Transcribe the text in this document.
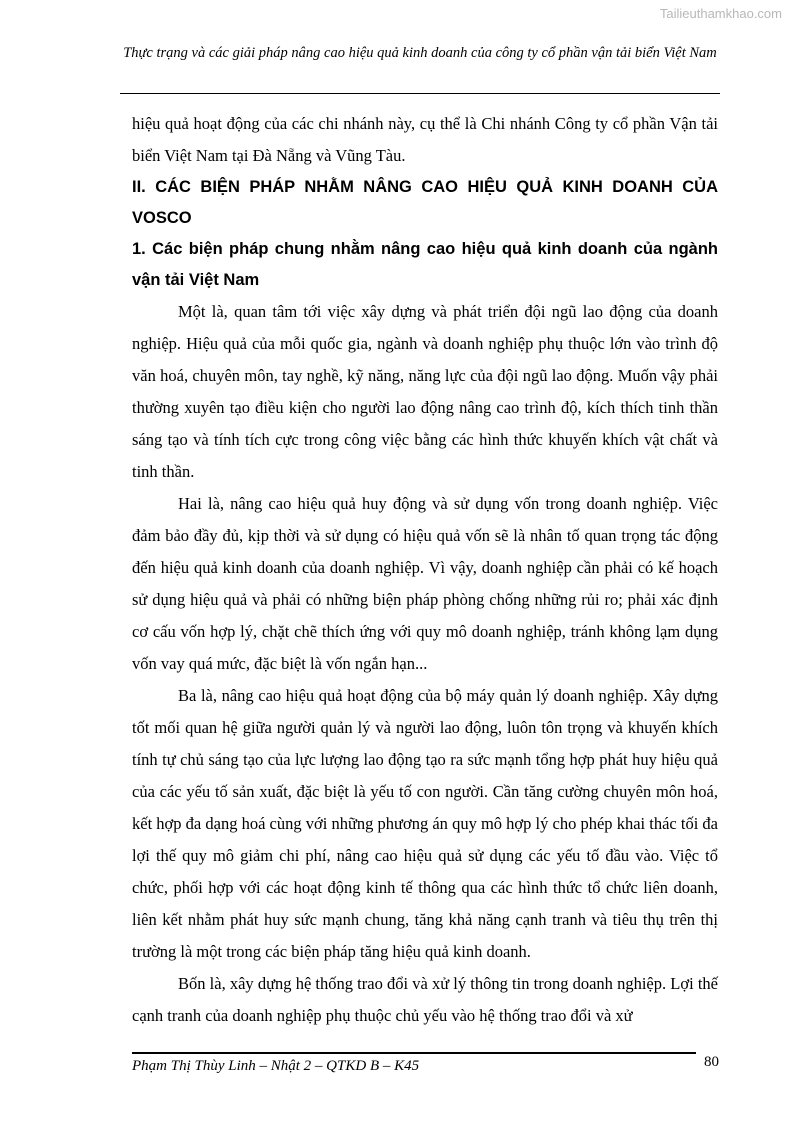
Tailieuthamkhao.com
Thực trạng và các giải pháp nâng cao hiệu quả kinh doanh của công ty cổ phần vận tải biển Việt Nam

hiệu quả hoạt động của các chi nhánh này, cụ thể là Chi nhánh Công ty cổ phần Vận tải biển Việt Nam tại Đà Nẵng và Vũng Tàu.

II. CÁC BIỆN PHÁP NHẰM NÂNG CAO HIỆU QUẢ KINH DOANH CỦA VOSCO
1. Các biện pháp chung nhằm nâng cao hiệu quả kinh doanh của ngành vận tải Việt Nam

Một là, quan tâm tới việc xây dựng và phát triển đội ngũ lao động của doanh nghiệp. Hiệu quả của mỗi quốc gia, ngành và doanh nghiệp phụ thuộc lớn vào trình độ văn hoá, chuyên môn, tay nghề, kỹ năng, năng lực của đội ngũ lao động. Muốn vậy phải thường xuyên tạo điều kiện cho người lao động nâng cao trình độ, kích thích tinh thần sáng tạo và tính tích cực trong công việc bằng các hình thức khuyến khích vật chất và tinh thần.

Hai là, nâng cao hiệu quả huy động và sử dụng vốn trong doanh nghiệp. Việc đảm bảo đầy đủ, kịp thời và sử dụng có hiệu quả vốn sẽ là nhân tố quan trọng tác động đến hiệu quả kinh doanh của doanh nghiệp. Vì vậy, doanh nghiệp cần phải có kế hoạch sử dụng hiệu quả và phải có những biện pháp phòng chống những rủi ro; phải xác định cơ cấu vốn hợp lý, chặt chẽ thích ứng với quy mô doanh nghiệp, tránh không lạm dụng vốn vay quá mức, đặc biệt là vốn ngắn hạn...

Ba là, nâng cao hiệu quả hoạt động của bộ máy quản lý doanh nghiệp. Xây dựng tốt mối quan hệ giữa người quản lý và người lao động, luôn tôn trọng và khuyến khích tính tự chủ sáng tạo của lực lượng lao động tạo ra sức mạnh tổng hợp phát huy hiệu quả của các yếu tố sản xuất, đặc biệt là yếu tố con người. Cần tăng cường chuyên môn hoá, kết hợp đa dạng hoá cùng với những phương án quy mô hợp lý cho phép khai thác tối đa lợi thế quy mô giảm chi phí, nâng cao hiệu quả sử dụng các yếu tố đầu vào. Việc tổ chức, phối hợp với các hoạt động kinh tế thông qua các hình thức tổ chức liên doanh, liên kết nhằm phát huy sức mạnh chung, tăng khả năng cạnh tranh và tiêu thụ trên thị trường là một trong các biện pháp tăng hiệu quả kinh doanh.

Bốn là, xây dựng hệ thống trao đổi và xử lý thông tin trong doanh nghiệp. Lợi thế cạnh tranh của doanh nghiệp phụ thuộc chủ yếu vào hệ thống trao đổi và xử

Phạm Thị Thùy Linh – Nhật 2 – QTKD B – K45	80
